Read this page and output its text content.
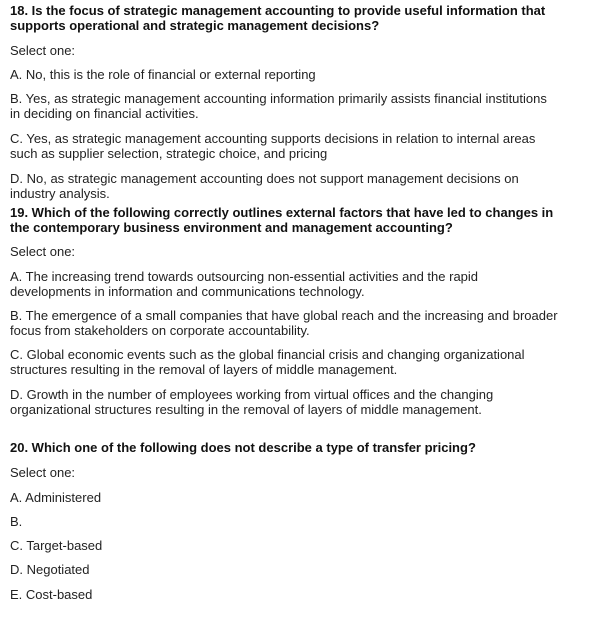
18. Is the focus of strategic management accounting to provide useful information that
supports operational and strategic management decisions?
Select one:
A. No, this is the role of financial or external reporting
B. Yes, as strategic management accounting information primarily assists financial institutions
in deciding on financial activities.
C. Yes, as strategic management accounting supports decisions in relation to internal areas
such as supplier selection, strategic choice, and pricing
D. No, as strategic management accounting does not support management decisions on
industry analysis.
19. Which of the following correctly outlines external factors that have led to changes in
the contemporary business environment and management accounting?
Select one:
A. The increasing trend towards outsourcing non-essential activities and the rapid
developments in information and communications technology.
B. The emergence of a small companies that have global reach and the increasing and broader
focus from stakeholders on corporate accountability.
C. Global economic events such as the global financial crisis and changing organizational
structures resulting in the removal of layers of middle management.
D. Growth in the number of employees working from virtual offices and the changing
organizational structures resulting in the removal of layers of middle management.
20. Which one of the following does not describe a type of transfer pricing?
Select one:
A. Administered
B.
C. Target-based
D. Negotiated
E. Cost-based
